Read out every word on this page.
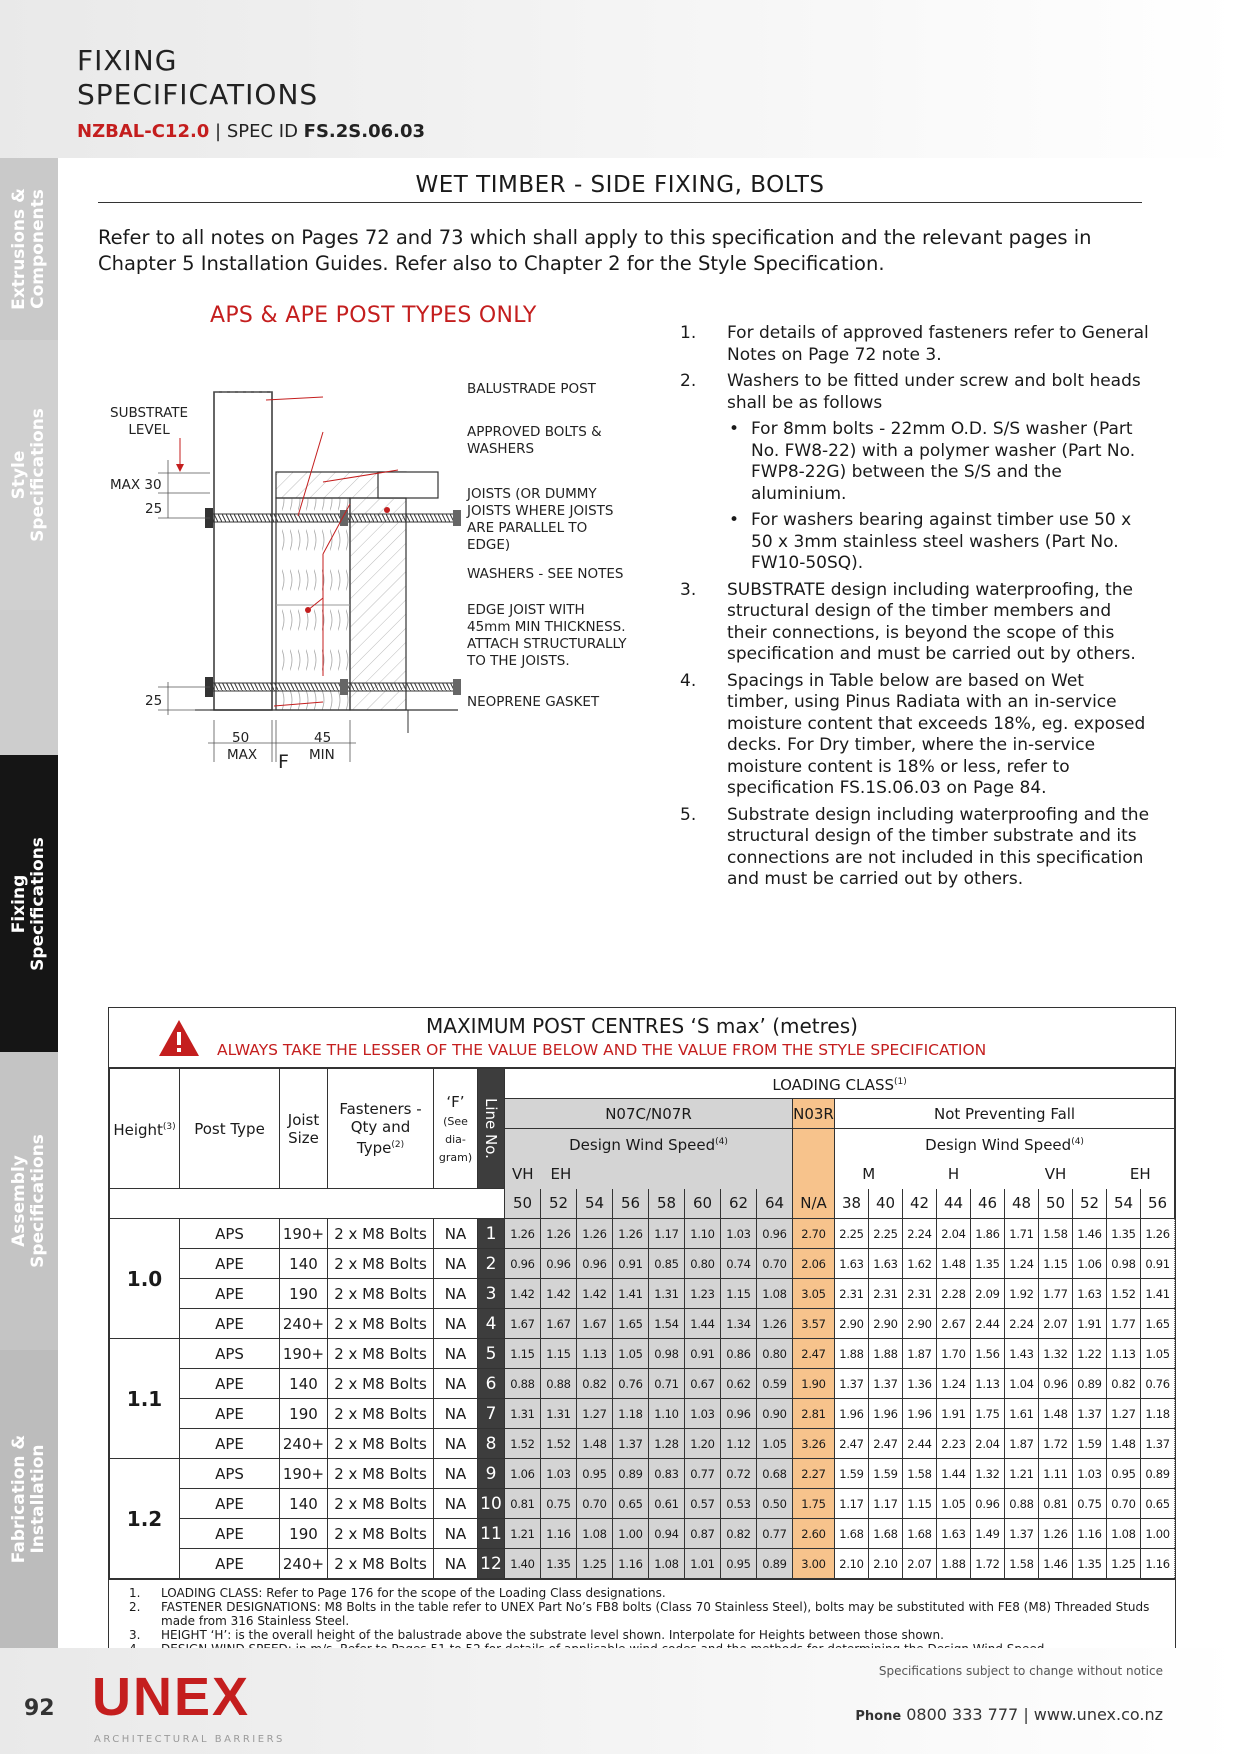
FIXING
SPECIFICATIONS
NZBAL-C12.0 | SPEC ID FS.2S.06.03
Extrusions &
Components
Style
Specifications
Fixing
Specifications
Assembly
Specifications
Fabrication &
Installation
WET TIMBER - SIDE FIXING, BOLTS
Refer to all notes on Pages 72 and 73 which shall apply to this specification and the relevant pages in Chapter 5 Installation Guides. Refer also to Chapter 2 for the Style Specification.
APS & APE POST TYPES ONLY
SUBSTRATE
LEVEL
MAX 30
25
25
50
MAX
45
MIN
F
BALUSTRADE POST
APPROVED BOLTS &
WASHERS
JOISTS (OR DUMMY
JOISTS WHERE JOISTS
ARE PARALLEL TO
EDGE)
WASHERS - SEE NOTES
EDGE JOIST WITH
45mm MIN THICKNESS.
ATTACH STRUCTURALLY
TO THE JOISTS.
NEOPRENE GASKET
1. For details of approved fasteners refer to General Notes on Page 72 note 3.
2. Washers to be fitted under screw and bolt heads shall be as follows
• For 8mm bolts - 22mm O.D. S/S washer (Part No. FW8-22) with a polymer washer (Part No. FWP8-22G) between the S/S and the aluminium.
• For washers bearing against timber use 50 x 50 x 3mm stainless steel washers (Part No. FW10-50SQ).
3. SUBSTRATE design including waterproofing, the structural design of the timber members and their connections, is beyond the scope of this specification and must be carried out by others.
4. Spacings in Table below are based on Wet timber, using Pinus Radiata with an in-service moisture content that exceeds 18%, eg. exposed decks. For Dry timber, where the in-service moisture content is 18% or less, refer to specification FS.1S.06.03 on Page 84.
5. Substrate design including waterproofing and the structural design of the timber substrate and its connections are not included in this specification and must be carried out by others.
MAXIMUM POST CENTRES ‘S max’ (metres)
ALWAYS TAKE THE LESSER OF THE VALUE BELOW AND THE VALUE FROM THE STYLE SPECIFICATION
Height$^{(3)}$	Post Type	Joist Size	Fasteners - Qty and Type$^{(2)}$	‘F’
(See dia- gram)	Line No.	LOADING CLASS$^{(1)}$
						N07C/N07R								N03R	Not Preventing Fall									
						Design Wind Speed$^{(4)}$									Design Wind Speed$^{(4)}$
						VH	EH								M		H			VH			EH	
						50	52	54	56	58	60	62	64	N/A	38	40	42	44	46	48	50	52	54	56
1.0	APS	190+	2 x M8 Bolts	NA	1	1.26	1.26	1.26	1.26	1.17	1.10	1.03	0.96	2.70	2.25	2.25	2.24	2.04	1.86	1.71	1.58	1.46	1.35	1.26
	APE	140	2 x M8 Bolts	NA	2	0.96	0.96	0.96	0.91	0.85	0.80	0.74	0.70	2.06	1.63	1.63	1.62	1.48	1.35	1.24	1.15	1.06	0.98	0.91
	APE	190	2 x M8 Bolts	NA	3	1.42	1.42	1.42	1.41	1.31	1.23	1.15	1.08	3.05	2.31	2.31	2.31	2.28	2.09	1.92	1.77	1.63	1.52	1.41
	APE	240+	2 x M8 Bolts	NA	4	1.67	1.67	1.67	1.65	1.54	1.44	1.34	1.26	3.57	2.90	2.90	2.90	2.67	2.44	2.24	2.07	1.91	1.77	1.65
1.1	APS	190+	2 x M8 Bolts	NA	5	1.15	1.15	1.13	1.05	0.98	0.91	0.86	0.80	2.47	1.88	1.88	1.87	1.70	1.56	1.43	1.32	1.22	1.13	1.05
	APE	140	2 x M8 Bolts	NA	6	0.88	0.88	0.82	0.76	0.71	0.67	0.62	0.59	1.90	1.37	1.37	1.36	1.24	1.13	1.04	0.96	0.89	0.82	0.76
	APE	190	2 x M8 Bolts	NA	7	1.31	1.31	1.27	1.18	1.10	1.03	0.96	0.90	2.81	1.96	1.96	1.96	1.91	1.75	1.61	1.48	1.37	1.27	1.18
	APE	240+	2 x M8 Bolts	NA	8	1.52	1.52	1.48	1.37	1.28	1.20	1.12	1.05	3.26	2.47	2.47	2.44	2.23	2.04	1.87	1.72	1.59	1.48	1.37
1.2	APS	190+	2 x M8 Bolts	NA	9	1.06	1.03	0.95	0.89	0.83	0.77	0.72	0.68	2.27	1.59	1.59	1.58	1.44	1.32	1.21	1.11	1.03	0.95	0.89
	APE	140	2 x M8 Bolts	NA	10	0.81	0.75	0.70	0.65	0.61	0.57	0.53	0.50	1.75	1.17	1.17	1.15	1.05	0.96	0.88	0.81	0.75	0.70	0.65
	APE	190	2 x M8 Bolts	NA	11	1.21	1.16	1.08	1.00	0.94	0.87	0.82	0.77	2.60	1.68	1.68	1.68	1.63	1.49	1.37	1.26	1.16	1.08	1.00
	APE	240+	2 x M8 Bolts	NA	12	1.40	1.35	1.25	1.16	1.08	1.01	0.95	0.89	3.00	2.10	2.10	2.07	1.88	1.72	1.58	1.46	1.35	1.25	1.16
1. LOADING CLASS: Refer to Page 176 for the scope of the Loading Class designations.
2. FASTENER DESIGNATIONS: M8 Bolts in the table refer to UNEX Part No’s FB8 bolts (Class 70 Stainless Steel), bolts may be substituted with FE8 (M8) Threaded Studs made from 316 Stainless Steel.
3. HEIGHT ‘H’: is the overall height of the balustrade above the substrate level shown. Interpolate for Heights between those shown.
92 UNEX
ARCHITECTURAL BARRIERS
Specifications subject to change without notice
Phone 0800 333 777 | www.unex.co.nz
